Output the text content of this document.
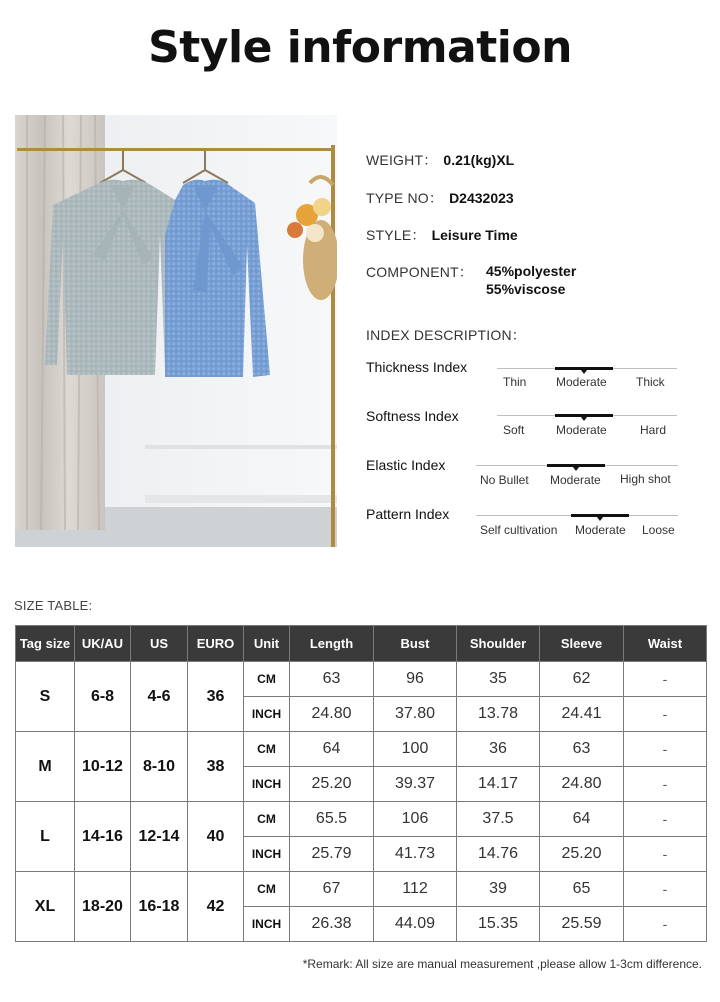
Style information
WEIGHT： 0.21(kg)XL
TYPE NO： D2432023
STYLE： Leisure Time
COMPONENT： 45%polyester
55%viscose
INDEX DESCRIPTION：
Thickness Index
Thin Moderate Thick
Softness Index
Soft	Moderate	Hard
Elastic Index
No Bullet Moderate High shot
Pattern Index
Self cultivation Moderate Loose
SIZE TABLE:
Tag size	UK/AU	US	EURO	Unit	Length	Bust	Shoulder	Sleeve	Waist
S	6-8	4-6	36	CM	63	96	35	62	-
				INCH	24.80	37.80	13.78	24.41	-
M	10-12	8-10	38	CM	64	100	36	63	-
				INCH	25.20	39.37	14.17	24.80	-
L	14-16	12-14	40	CM	65.5	106	37.5	64	-
				INCH	25.79	41.73	14.76	25.20	-
XL	18-20	16-18	42	CM	67	112	39	65	-
				INCH	26.38	44.09	15.35	25.59	-
*Remark: All size are manual measurement ,please allow 1-3cm difference.
